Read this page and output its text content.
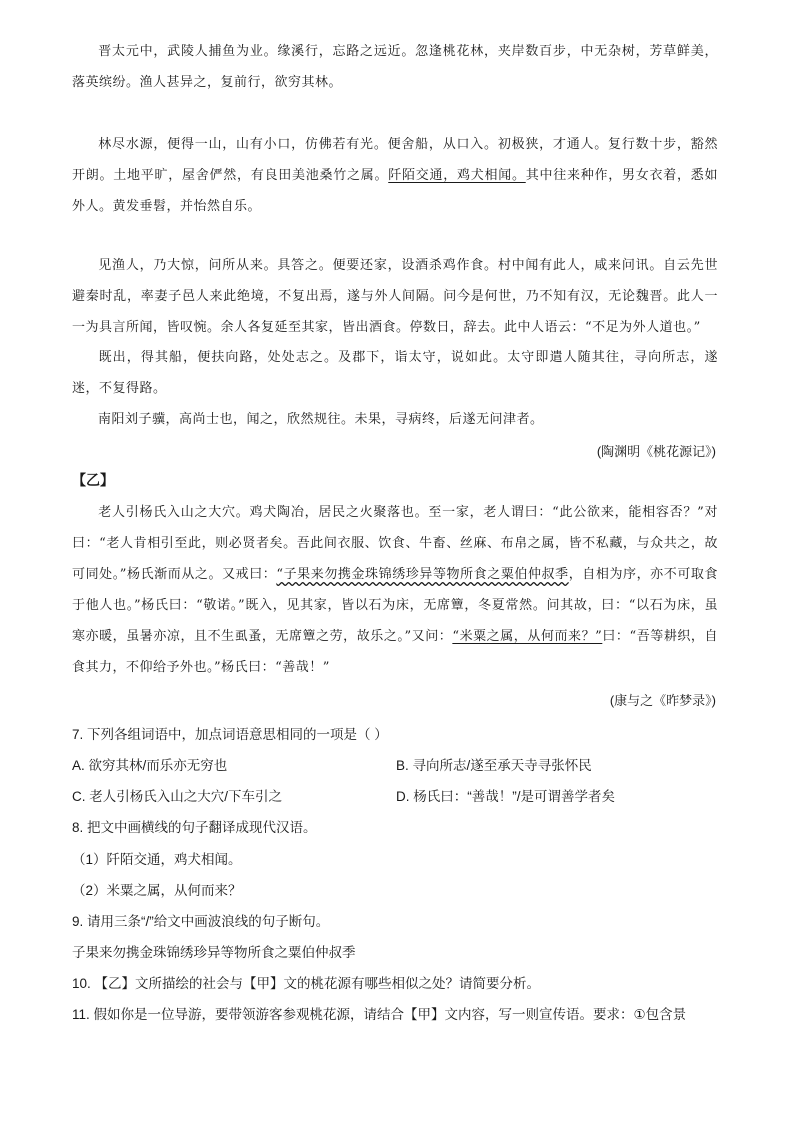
晋太元中，武陵人捕鱼为业。缘溪行，忘路之远近。忽逢桃花林，夹岸数百步，中无杂树，芳草鲜美，落英缤纷。渔人甚异之，复前行，欲穷其林。
林尽水源，便得一山，山有小口，仿佛若有光。便舍船，从口入。初极狭，才通人。复行数十步，豁然开朗。土地平旷，屋舍俨然，有良田美池桑竹之属。阡陌交通，鸡犬相闻。其中往来种作，男女衣着，悉如外人。黄发垂髫，并怡然自乐。
见渔人，乃大惊，问所从来。具答之。便要还家，设酒杀鸡作食。村中闻有此人，咸来问讯。自云先世避秦时乱，率妻子邑人来此绝境，不复出焉，遂与外人间隔。问今是何世，乃不知有汉，无论魏晋。此人一一为具言所闻，皆叹惋。余人各复延至其家，皆出酒食。停数日，辞去。此中人语云：“不足为外人道也。”
既出，得其船，便扶向路，处处志之。及郡下，诣太守，说如此。太守即遣人随其往，寻向所志，遂迷，不复得路。
南阳刘子骥，高尚士也，闻之，欣然规往。未果，寻病终，后遂无问津者。
(陶渊明《桃花源记》)
【乙】
老人引杨氏入山之大穴。鸡犬陶冶，居民之火聚落也。至一家，老人谓曰：“此公欲来，能相容否？”对曰：“老人肯相引至此，则必贤者矣。吾此间衣服、饮食、牛畜、丝麻、布帛之属，皆不私藏，与众共之，故可同处。”杨氏渐而从之。又戒曰：“子果来勿携金珠锦绣珍异等物所食之粟伯仲叔季，自相为序，亦不可取食于他人也。”杨氏曰：“敬诺。”既入，见其家，皆以石为床，无席簟，冬夏常然。问其故，曰：“以石为床，虽寒亦暖，虽暑亦凉，且不生虱蚤，无席簟之劳，故乐之。”又问：“米粟之属，从何而来？”曰：“吾等耕织，自食其力，不仰给予外也。”杨氏曰：“善哉！”
(康与之《昨梦录》)
7. 下列各组词语中，加点词语意思相同的一项是（ ）
A. 欲穷其林/而乐亦无穷也	B. 寻向所志/遂至承天寺寻张怀民
C. 老人引杨氏入山之大穴/下车引之	D. 杨氏曰：“善哉！”/是可谓善学者矣
8. 把文中画横线的句子翻译成现代汉语。
（1）阡陌交通，鸡犬相闻。
（2）米粟之属，从何而来？
9. 请用三条“/”给文中画波浪线的句子断句。
子果来勿携金珠锦绣珍异等物所食之粟伯仲叔季
10. 【乙】文所描绘的社会与【甲】文的桃花源有哪些相似之处？请简要分析。
11. 假如你是一位导游，要带领游客参观桃花源，请结合【甲】文内容，写一则宣传语。要求：①包含景
